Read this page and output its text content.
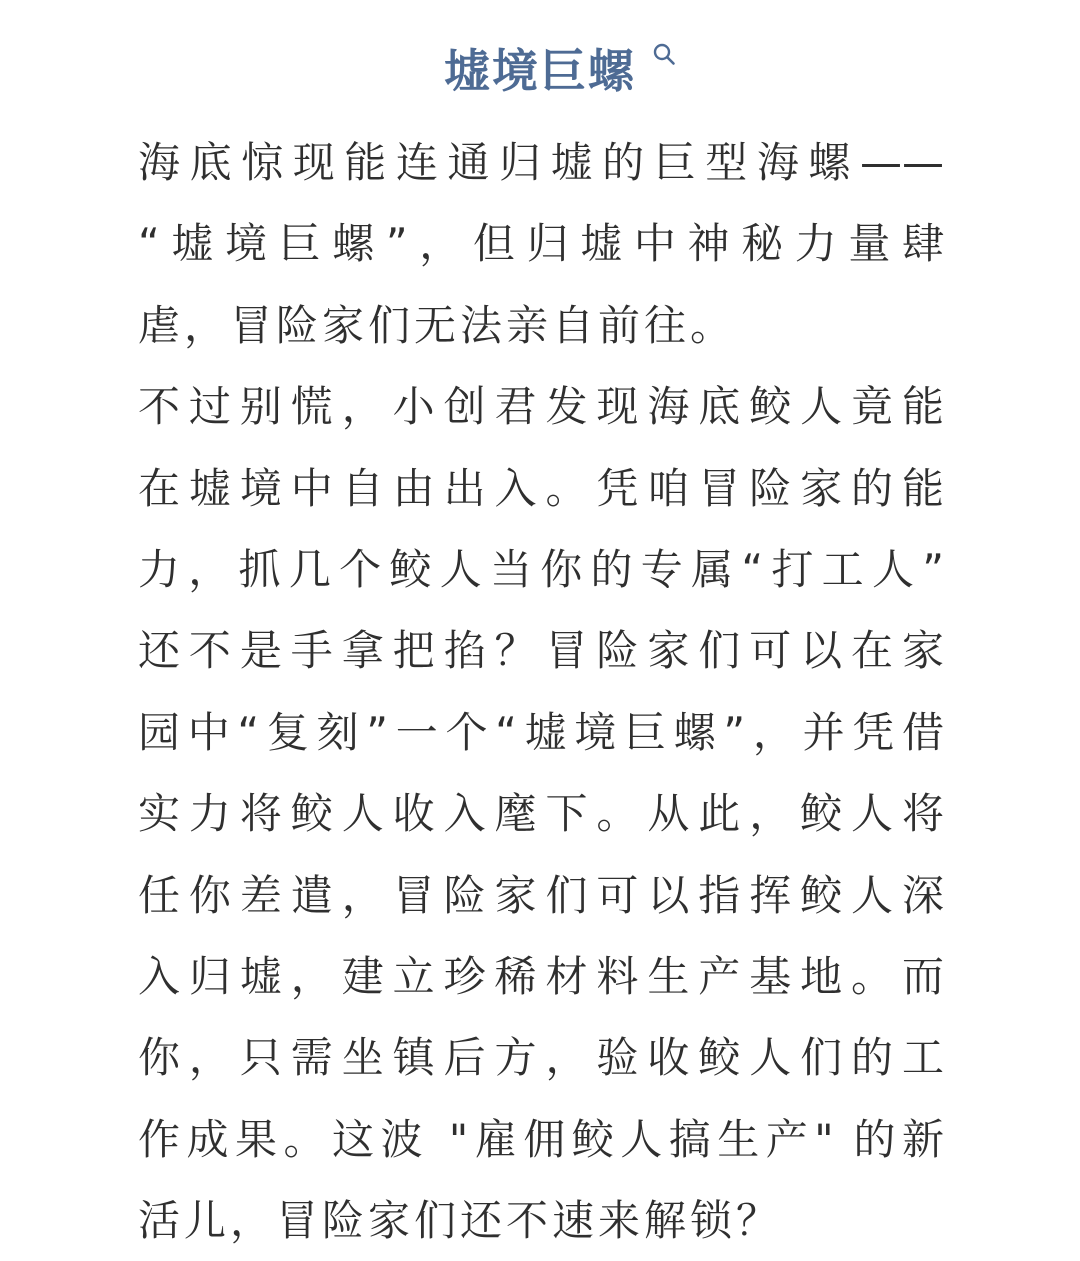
墟境巨螺
海底惊现能连通归墟的巨型海螺——
“墟境巨螺”，但归墟中神秘力量肆
虐，冒险家们无法亲自前往。
不过别慌，小创君发现海底鲛人竟能
在墟境中自由出入。凭咱冒险家的能
力，抓几个鲛人当你的专属“打工人”
还不是手拿把掐？冒险家们可以在家
园中“复刻”一个“墟境巨螺”，并凭借
实力将鲛人收入麾下。从此，鲛人将
任你差遣，冒险家们可以指挥鲛人深
入归墟，建立珍稀材料生产基地。而
你，只需坐镇后方，验收鲛人们的工
作成果。这波 "雇佣鲛人搞生产" 的新
活儿，冒险家们还不速来解锁？
